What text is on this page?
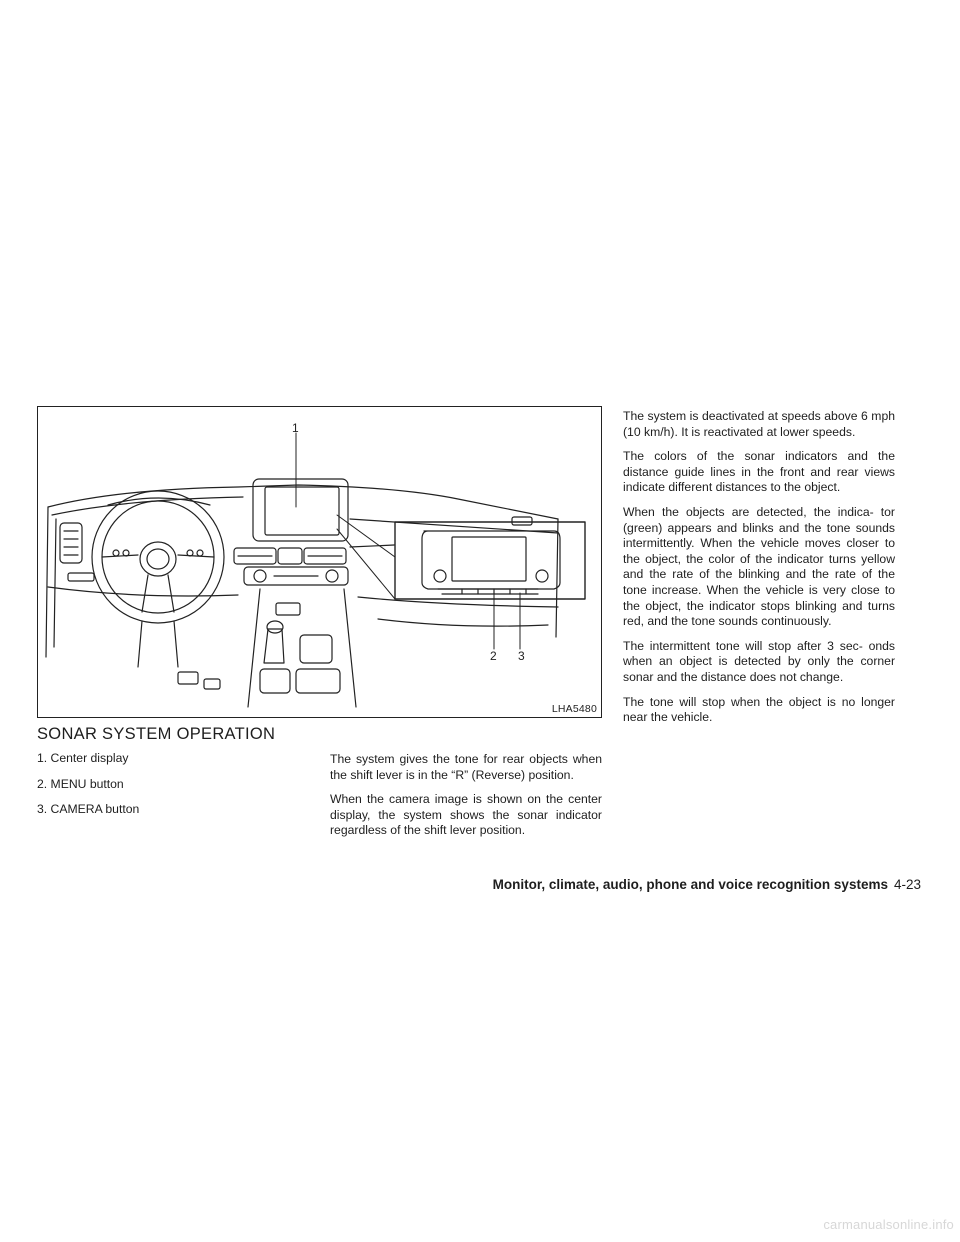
1
2 3
LHA5480
SONAR SYSTEM OPERATION
1. Center display
2. MENU button
3. CAMERA button

The system gives the tone for rear objects when the shift lever is in the “R” (Reverse) position.

When the camera image is shown on the center display, the system shows the sonar indicator regardless of the shift lever position.

The system is deactivated at speeds above 6 mph (10 km/h). It is reactivated at lower speeds.

The colors of the sonar indicators and the distance guide lines in the front and rear views indicate different distances to the object.

When the objects are detected, the indica- tor (green) appears and blinks and the tone sounds intermittently. When the vehicle moves closer to the object, the color of the indicator turns yellow and the rate of the blinking and the rate of the tone increase. When the vehicle is very close to the object, the indicator stops blinking and turns red, and the tone sounds continuously.

The intermittent tone will stop after 3 sec- onds when an object is detected by only the corner sonar and the distance does not change.

The tone will stop when the object is no longer near the vehicle.

Monitor, climate, audio, phone and voice recognition systems 4-23
carmanualsonline.info
